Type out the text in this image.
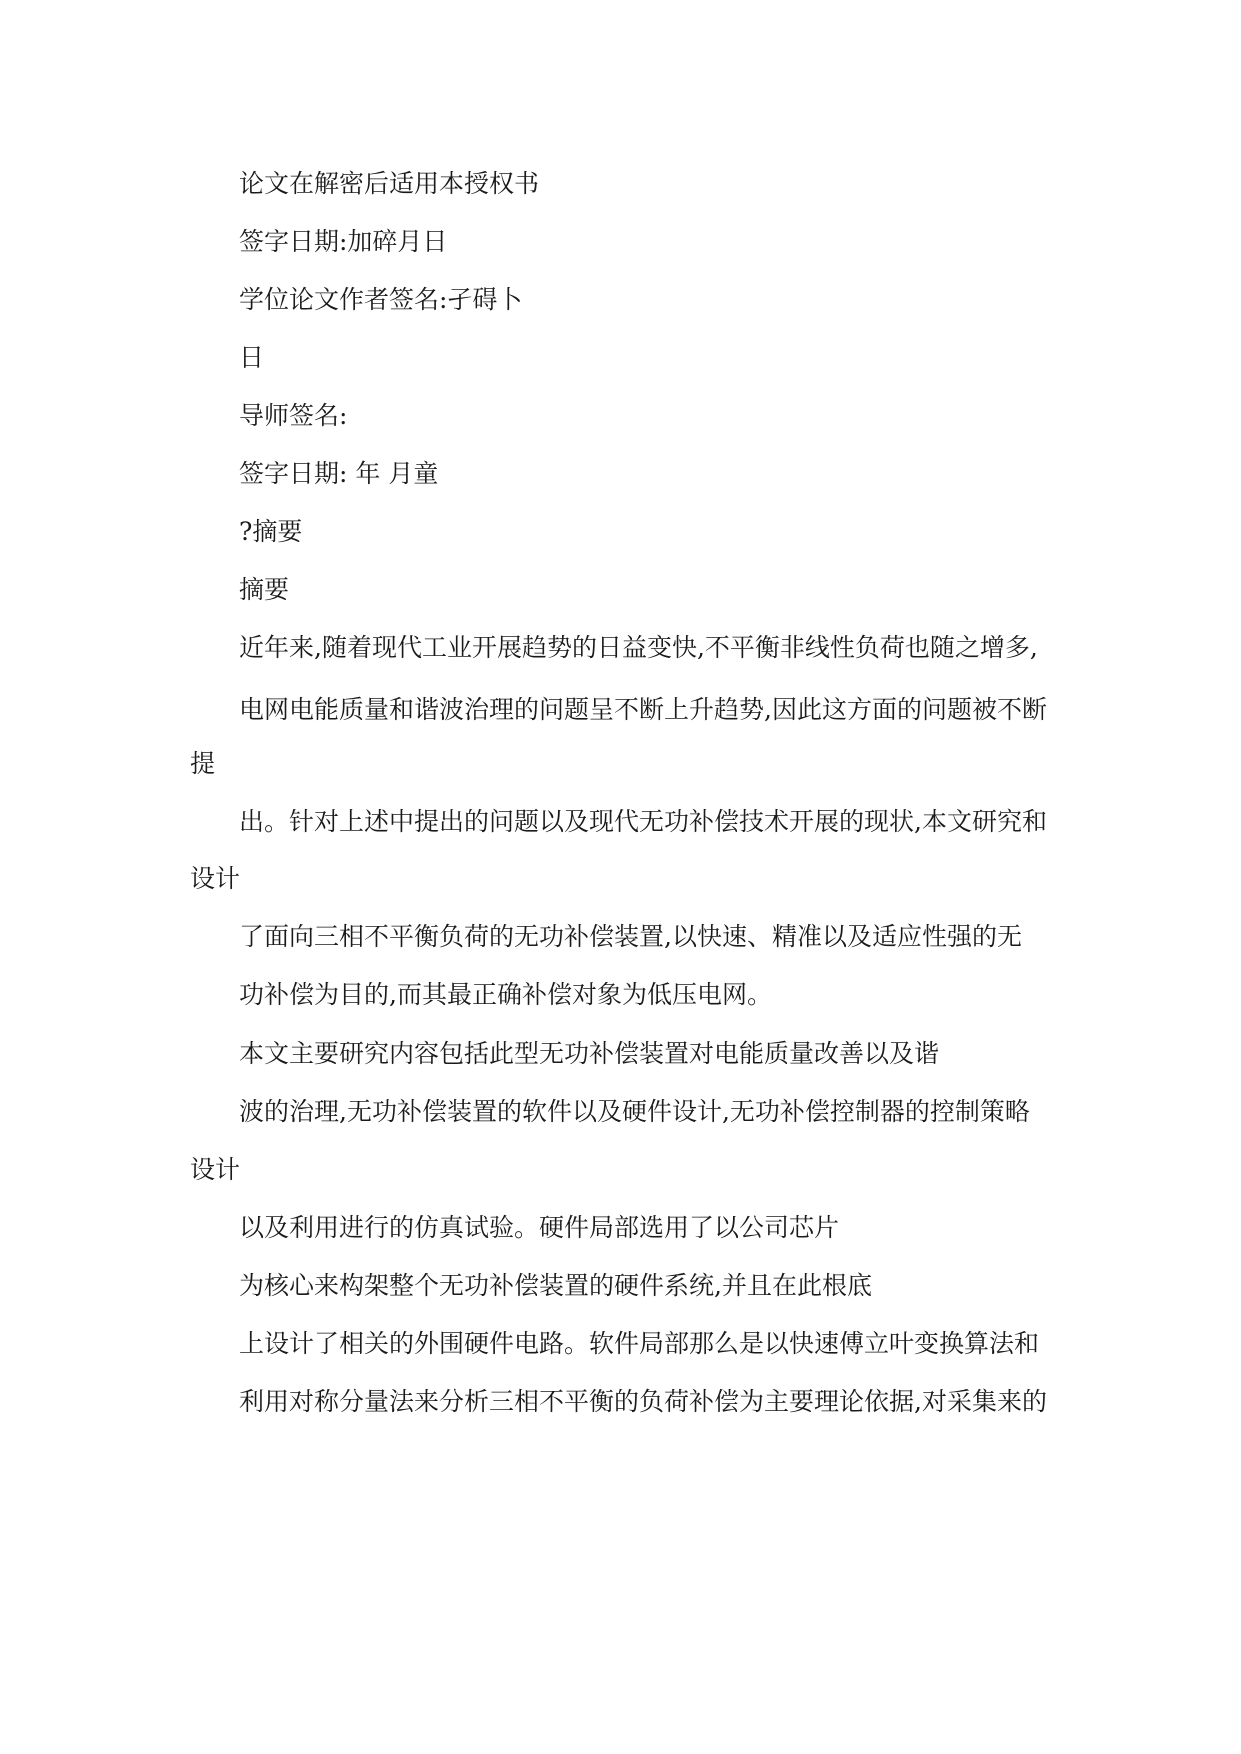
论文在解密后适用本授权书
签字日期:加碎月日
学位论文作者签名:孑碍卜
日
导师签名:
签字日期: 年 月童
?摘要
摘要
近年来,随着现代工业开展趋势的日益变快,不平衡非线性负荷也随之增多,
电网电能质量和谐波治理的问题呈不断上升趋势,因此这方面的问题被不断
提
出。针对上述中提出的问题以及现代无功补偿技术开展的现状,本文研究和
设计
了面向三相不平衡负荷的无功补偿装置,以快速、精准以及适应性强的无
功补偿为目的,而其最正确补偿对象为低压电网。
本文主要研究内容包括此型无功补偿装置对电能质量改善以及谐
波的治理,无功补偿装置的软件以及硬件设计,无功补偿控制器的控制策略
设计
以及利用进行的仿真试验。硬件局部选用了以公司芯片
为核心来构架整个无功补偿装置的硬件系统,并且在此根底
上设计了相关的外围硬件电路。软件局部那么是以快速傅立叶变换算法和
利用对称分量法来分析三相不平衡的负荷补偿为主要理论依据,对采集来的
